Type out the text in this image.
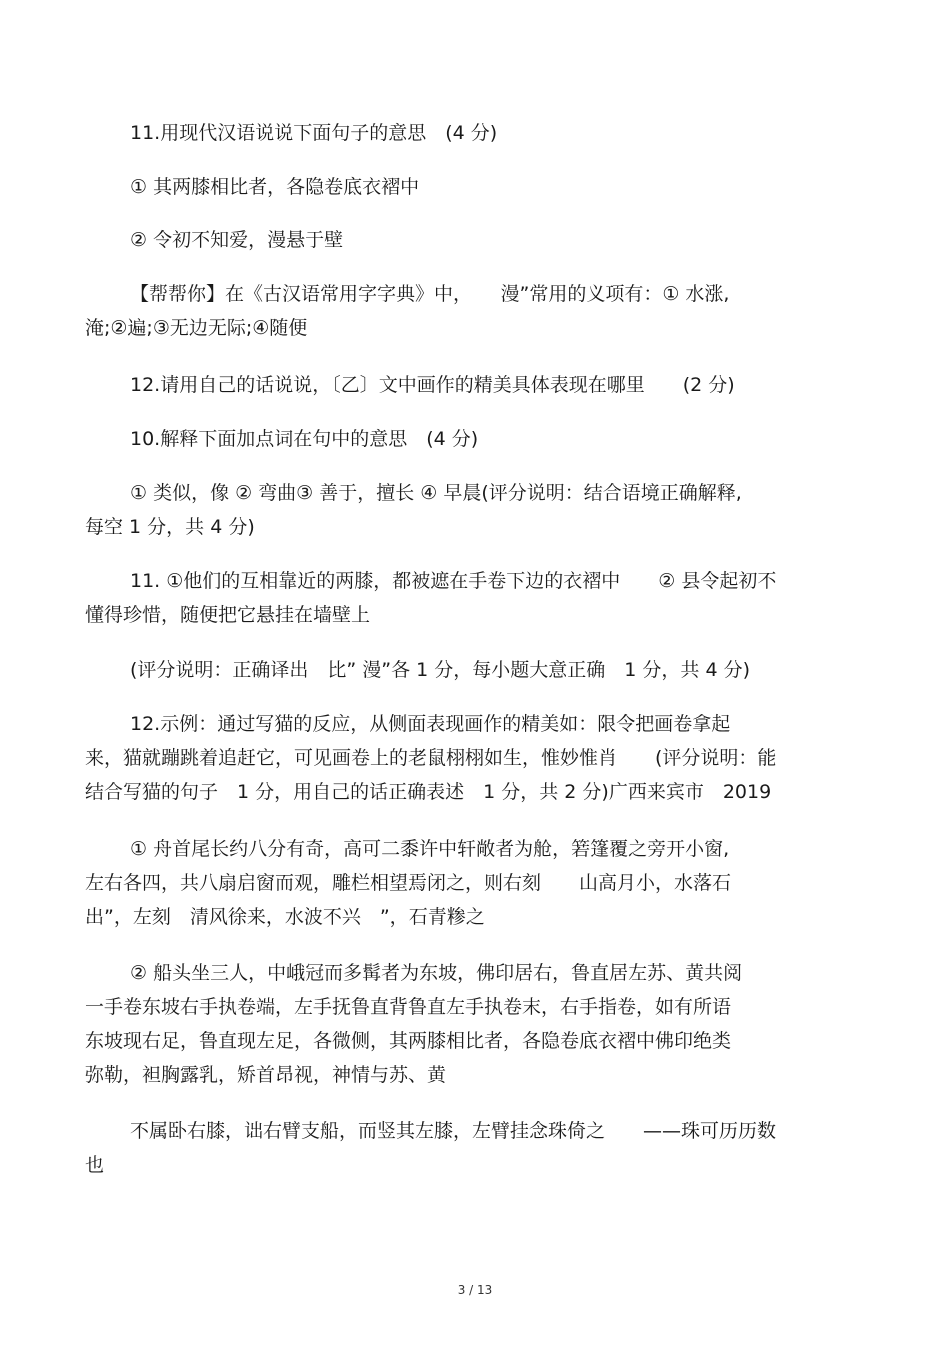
11.用现代汉语说说下面句子的意思　(4 分)
① 其两膝相比者，各隐卷底衣褶中
② 令初不知爱，漫悬于壁
【帮帮你】在《古汉语常用字字典》中，　　漫”常用的义项有：① 水涨,
淹;②遍;③无边无际;④随便
12.请用自己的话说说，〔乙〕文中画作的精美具体表现在哪里　　(2 分)
10.解释下面加点词在句中的意思　(4 分)
① 类似，像 ② 弯曲③ 善于，擅长 ④ 早晨(评分说明：结合语境正确解释,
每空 1 分，共 4 分)
11. ①他们的互相靠近的两膝，都被遮在手卷下边的衣褶中　　② 县令起初不
懂得珍惜，随便把它悬挂在墙壁上
(评分说明：正确译出　比” 漫”各 1 分，每小题大意正确　1 分，共 4 分)
12.示例：通过写猫的反应，从侧面表现画作的精美如：限令把画卷拿起
来，猫就蹦跳着追赶它，可见画卷上的老鼠栩栩如生，惟妙惟肖　　(评分说明：能
结合写猫的句子　1 分，用自己的话正确表述　1 分，共 2 分)广西来宾市　2019
① 舟首尾长约八分有奇，高可二黍许中轩敞者为舱，箬篷覆之旁开小窗,
左右各四，共八扇启窗而观，雕栏相望焉闭之，则右刻　　山高月小，水落石
出”，左刻　清风徐来，水波不兴　”，石青糁之
② 船头坐三人，中峨冠而多髯者为东坡，佛印居右，鲁直居左苏、黄共阅
一手卷东坡右手执卷端，左手抚鲁直背鲁直左手执卷末，右手指卷，如有所语
东坡现右足，鲁直现左足，各微侧，其两膝相比者，各隐卷底衣褶中佛印绝类
弥勒，袒胸露乳，矫首昂视，神情与苏、黄
不属卧右膝，诎右臂支船，而竖其左膝，左臂挂念珠倚之　　——珠可历历数
也
3 / 13
